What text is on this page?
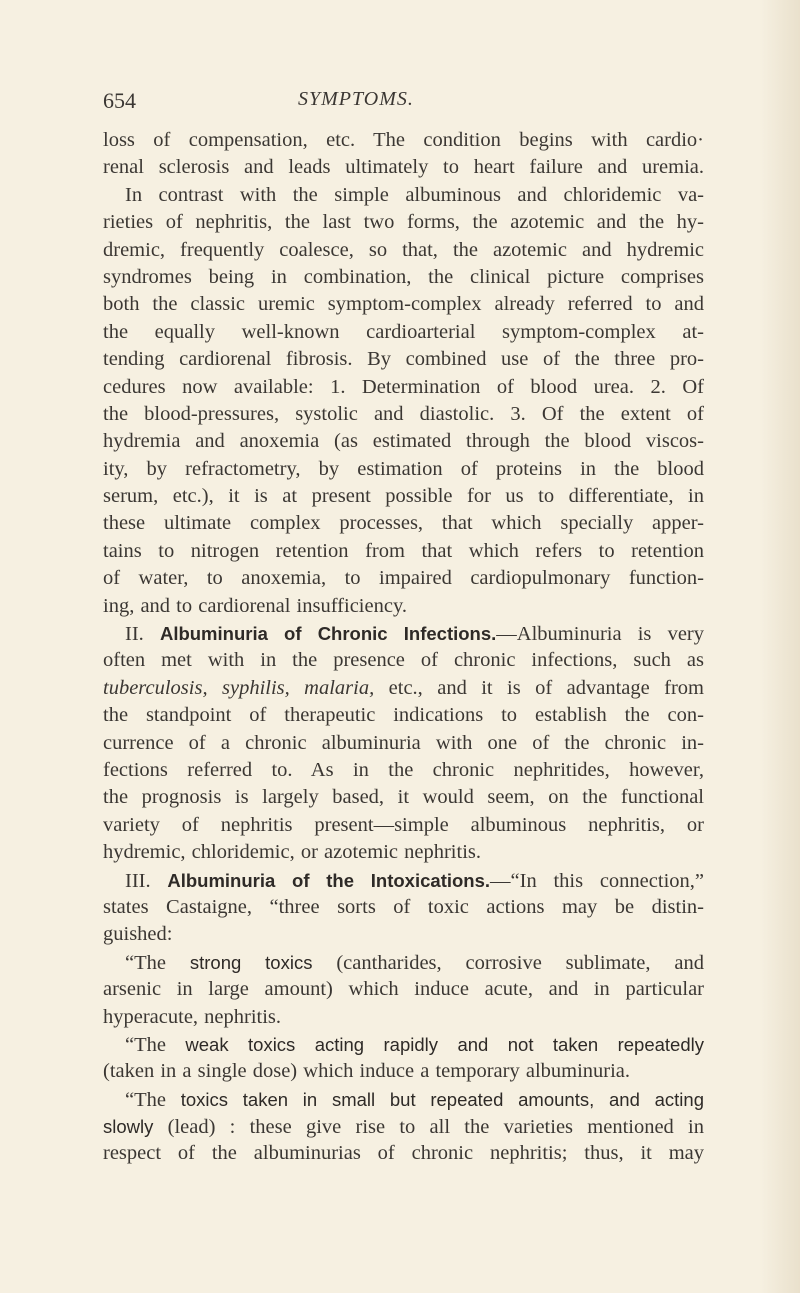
654	SYMPTOMS.
loss of compensation, etc. The condition begins with cardio·
renal sclerosis and leads ultimately to heart failure and uremia.
In contrast with the simple albuminous and chloridemic va-
rieties of nephritis, the last two forms, the azotemic and the hy-
dremic, frequently coalesce, so that, the azotemic and hydremic
syndromes being in combination, the clinical picture comprises
both the classic uremic symptom-complex already referred to and
the equally well-known cardioarterial symptom-complex at-
tending cardiorenal fibrosis. By combined use of the three pro-
cedures now available: 1. Determination of blood urea. 2. Of
the blood-pressures, systolic and diastolic. 3. Of the extent of
hydremia and anoxemia (as estimated through the blood viscos-
ity, by refractometry, by estimation of proteins in the blood
serum, etc.), it is at present possible for us to differentiate, in
these ultimate complex processes, that which specially apper-
tains to nitrogen retention from that which refers to retention
of water, to anoxemia, to impaired cardiopulmonary function-
ing, and to cardiorenal insufficiency.
II. Albuminuria of Chronic Infections.—Albuminuria is very
often met with in the presence of chronic infections, such as
tuberculosis, syphilis, malaria, etc., and it is of advantage from
the standpoint of therapeutic indications to establish the con-
currence of a chronic albuminuria with one of the chronic in-
fections referred to. As in the chronic nephritides, however,
the prognosis is largely based, it would seem, on the functional
variety of nephritis present—simple albuminous nephritis, or
hydremic, chloridemic, or azotemic nephritis.
III. Albuminuria of the Intoxications.—“In this connection,”
states Castaigne, “three sorts of toxic actions may be distin-
guished:
“The strong toxics (cantharides, corrosive sublimate, and
arsenic in large amount) which induce acute, and in particular
hyperacute, nephritis.
“The weak toxics acting rapidly and not taken repeatedly
(taken in a single dose) which induce a temporary albuminuria.
“The toxics taken in small but repeated amounts, and acting
slowly (lead) : these give rise to all the varieties mentioned in
respect of the albuminurias of chronic nephritis; thus, it may
